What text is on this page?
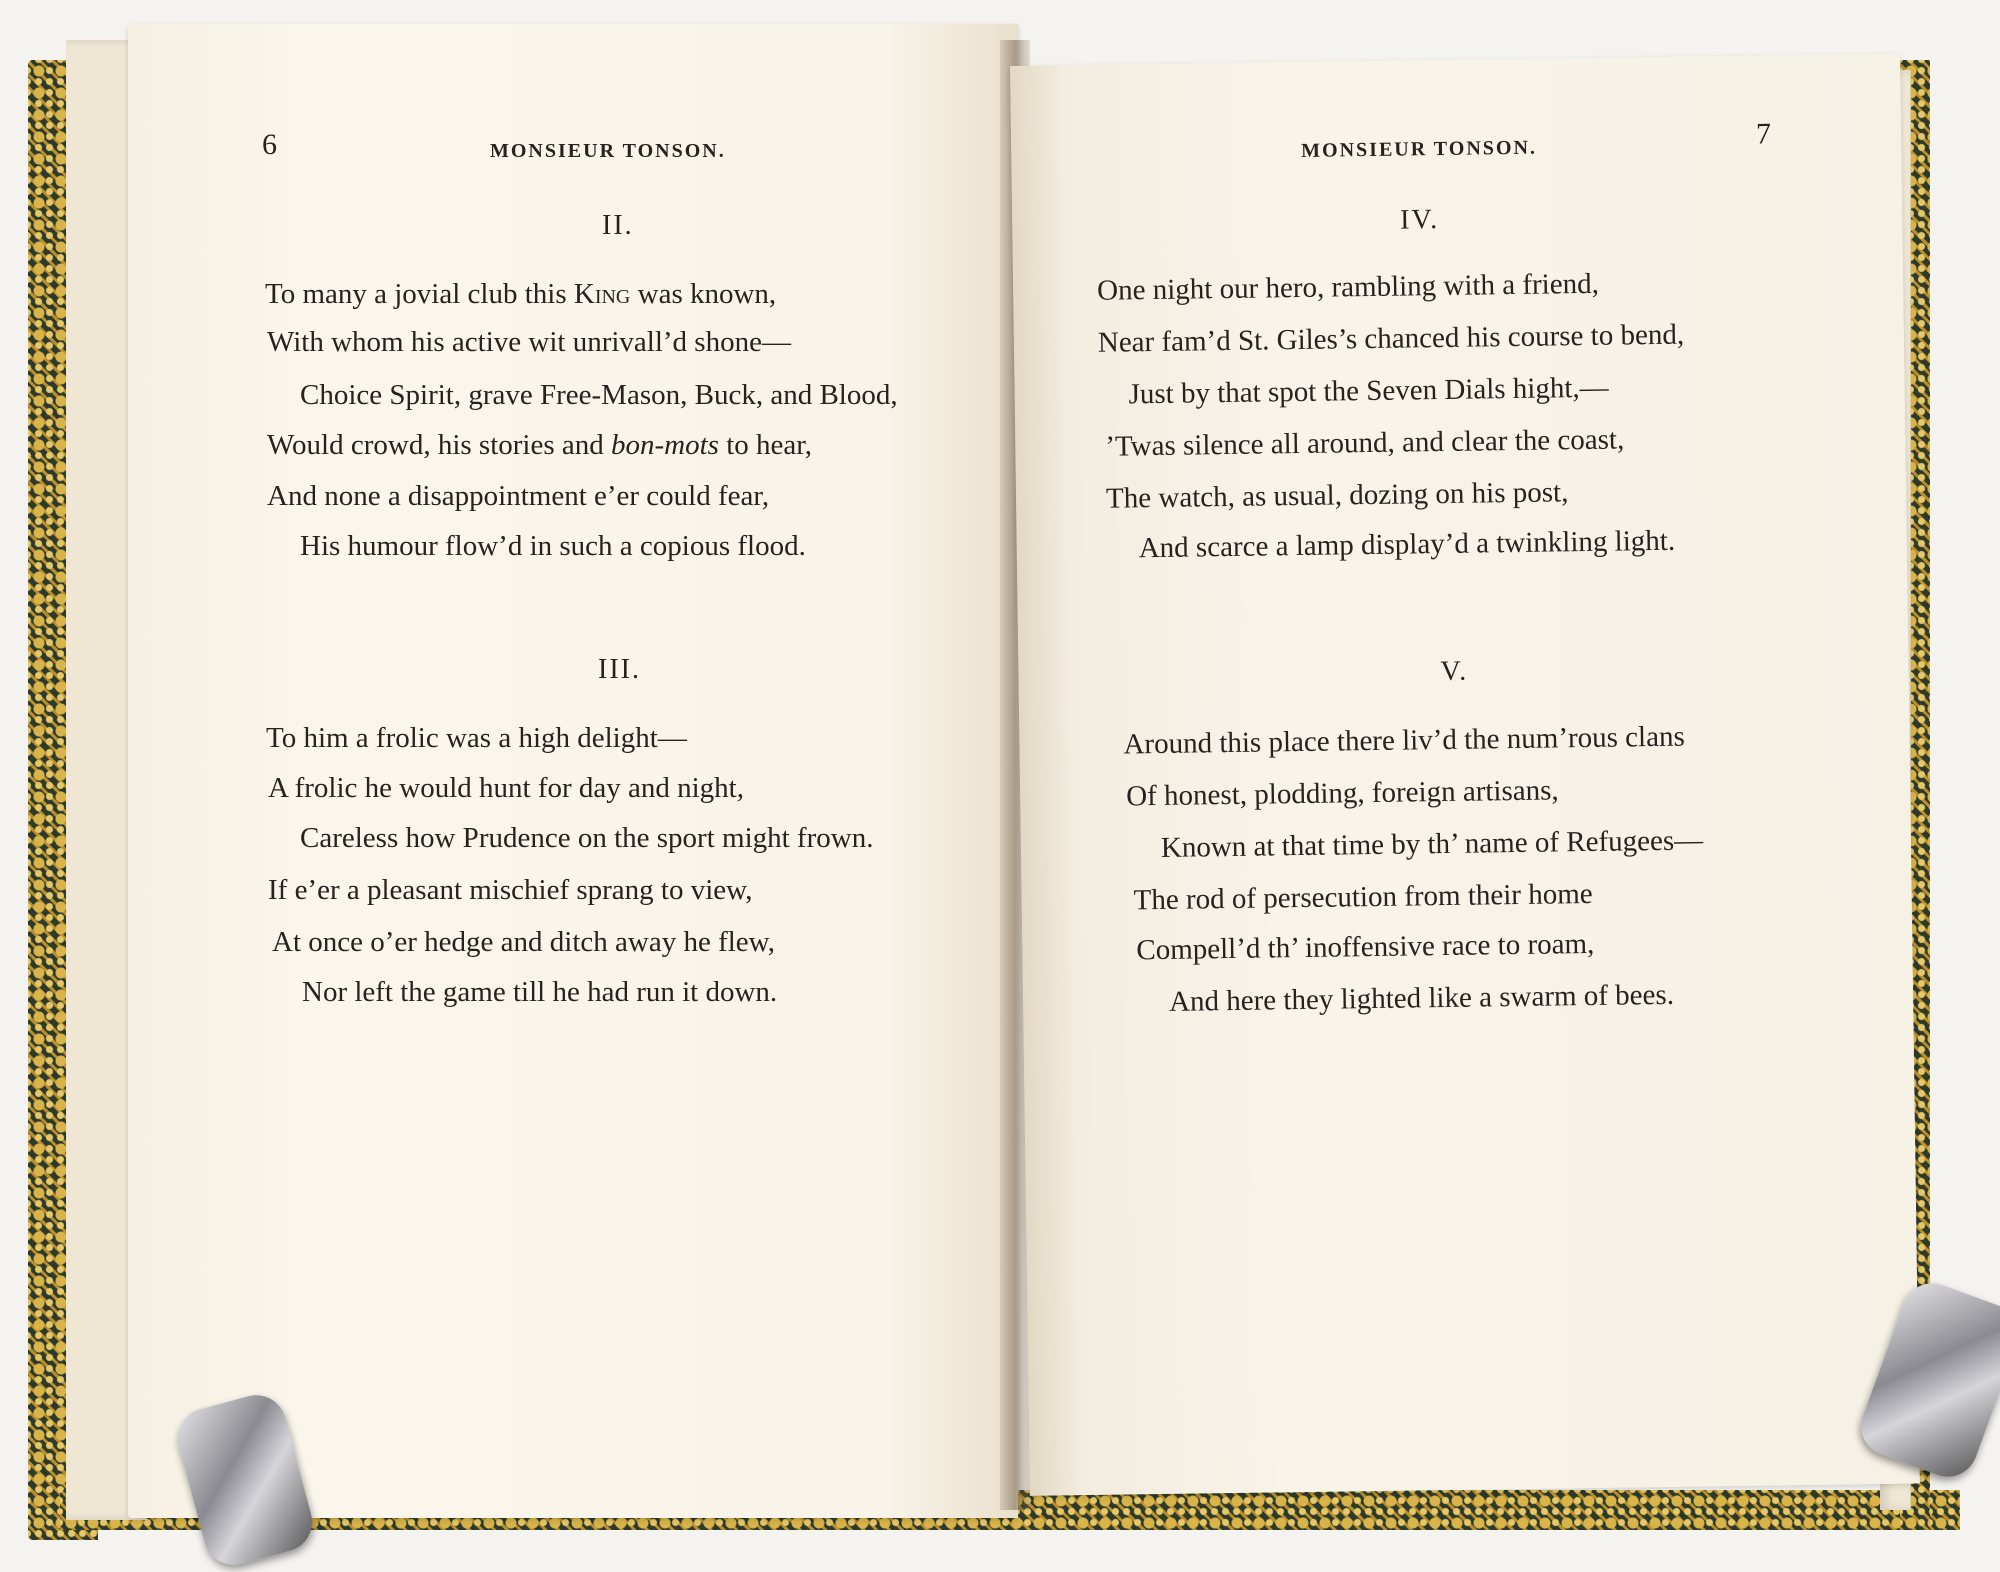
6	MONSIEUR TONSON.
II.
To many a jovial club this King was known,
With whom his active wit unrivall’d shone—
Choice Spirit, grave Free-Mason, Buck, and Blood,
Would crowd, his stories and bon-mots to hear,
And none a disappointment e’er could fear,
His humour flow’d in such a copious flood.
III.
To him a frolic was a high delight—
A frolic he would hunt for day and night,
Careless how Prudence on the sport might frown.
If e’er a pleasant mischief sprang to view,
At once o’er hedge and ditch away he flew,
Nor left the game till he had run it down.
MONSIEUR TONSON.	7
IV.
One night our hero, rambling with a friend,
Near fam’d St. Giles’s chanced his course to bend,
Just by that spot the Seven Dials hight,—
’Twas silence all around, and clear the coast,
The watch, as usual, dozing on his post,
And scarce a lamp display’d a twinkling light.
V.
Around this place there liv’d the num’rous clans
Of honest, plodding, foreign artisans,
Known at that time by th’ name of Refugees—
The rod of persecution from their home
Compell’d th’ inoffensive race to roam,
And here they lighted like a swarm of bees.
